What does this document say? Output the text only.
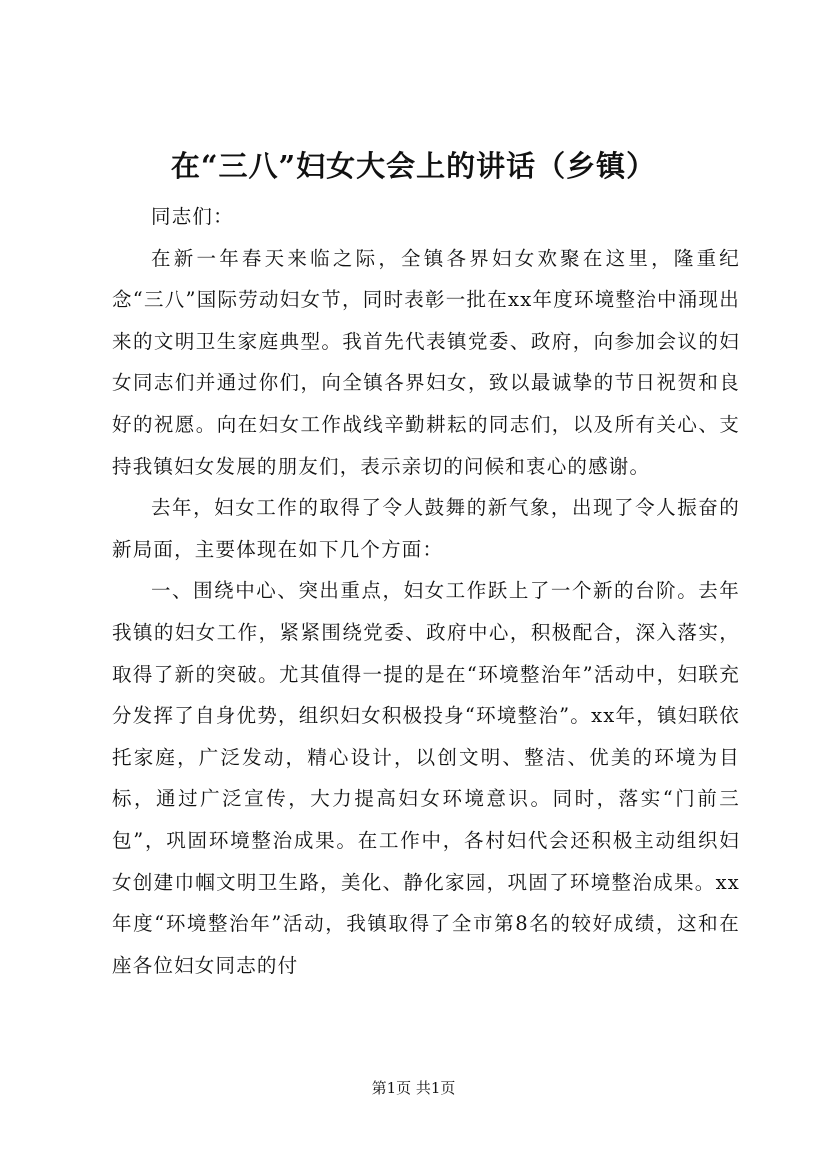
在“三八”妇女大会上的讲话（乡镇）

同志们：

在新一年春天来临之际，全镇各界妇女欢聚在这里，隆重纪念“三八”国际劳动妇女节，同时表彰一批在xx年度环境整治中涌现出来的文明卫生家庭典型。我首先代表镇党委、政府，向参加会议的妇女同志们并通过你们，向全镇各界妇女，致以最诚挚的节日祝贺和良好的祝愿。向在妇女工作战线辛勤耕耘的同志们，以及所有关心、支持我镇妇女发展的朋友们，表示亲切的问候和衷心的感谢。

去年，妇女工作的取得了令人鼓舞的新气象，出现了令人振奋的新局面，主要体现在如下几个方面：

一、围绕中心、突出重点，妇女工作跃上了一个新的台阶。去年我镇的妇女工作，紧紧围绕党委、政府中心，积极配合，深入落实，取得了新的突破。尤其值得一提的是在“环境整治年”活动中，妇联充分发挥了自身优势，组织妇女积极投身“环境整治”。xx年，镇妇联依托家庭，广泛发动，精心设计，以创文明、整洁、优美的环境为目标，通过广泛宣传，大力提高妇女环境意识。同时，落实“门前三包”，巩固环境整治成果。在工作中，各村妇代会还积极主动组织妇女创建巾帼文明卫生路，美化、静化家园，巩固了环境整治成果。xx年度“环境整治年”活动，我镇取得了全市第8名的较好成绩，这和在座各位妇女同志的付

第1页 共1页
